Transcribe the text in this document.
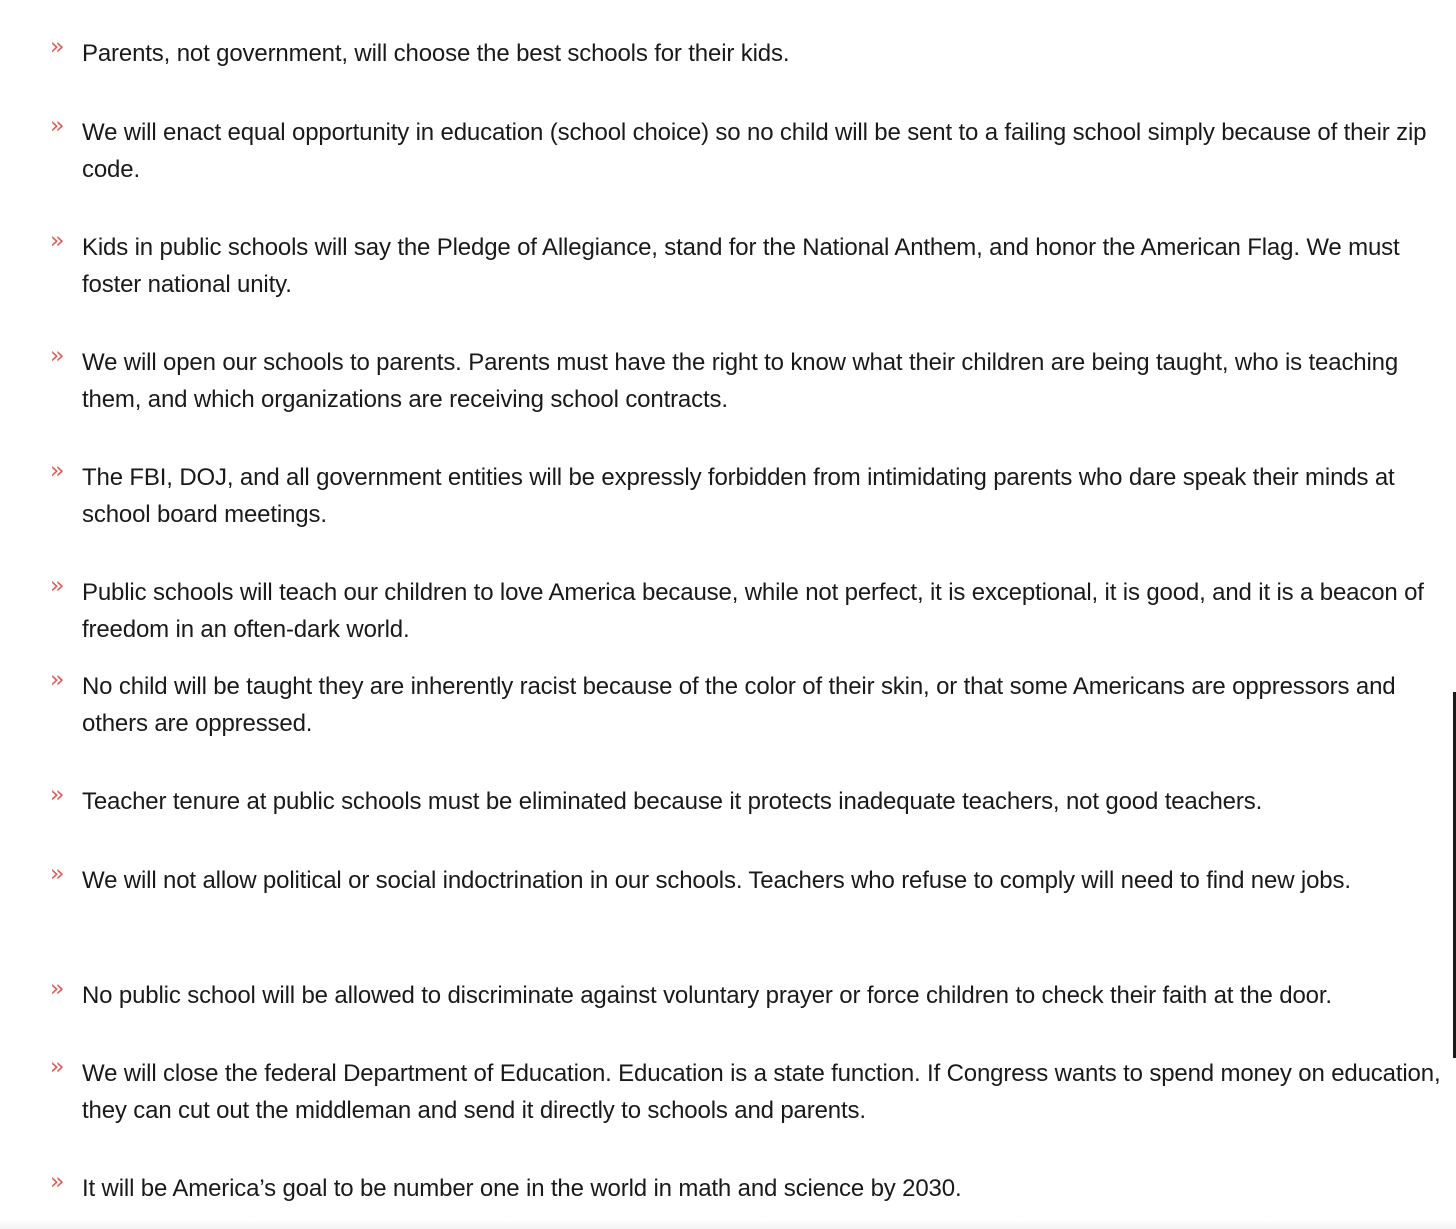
›› Parents, not government, will choose the best schools for their kids.
›› We will enact equal opportunity in education (school choice) so no child will be sent to a failing school simply because of their zip code.
›› Kids in public schools will say the Pledge of Allegiance, stand for the National Anthem, and honor the American Flag. We must foster national unity.
›› We will open our schools to parents. Parents must have the right to know what their children are being taught, who is teaching them, and which organizations are receiving school contracts.
›› The FBI, DOJ, and all government entities will be expressly forbidden from intimidating parents who dare speak their minds at school board meetings.
›› Public schools will teach our children to love America because, while not perfect, it is exceptional, it is good, and it is a beacon of freedom in an often-dark world.
›› No child will be taught they are inherently racist because of the color of their skin, or that some Americans are oppressors and others are oppressed.
›› Teacher tenure at public schools must be eliminated because it protects inadequate teachers, not good teachers.
›› We will not allow political or social indoctrination in our schools. Teachers who refuse to comply will need to find new jobs.
›› No public school will be allowed to discriminate against voluntary prayer or force children to check their faith at the door.
›› We will close the federal Department of Education. Education is a state function. If Congress wants to spend money on education, they can cut out the middleman and send it directly to schools and parents.
›› It will be America’s goal to be number one in the world in math and science by 2030.
